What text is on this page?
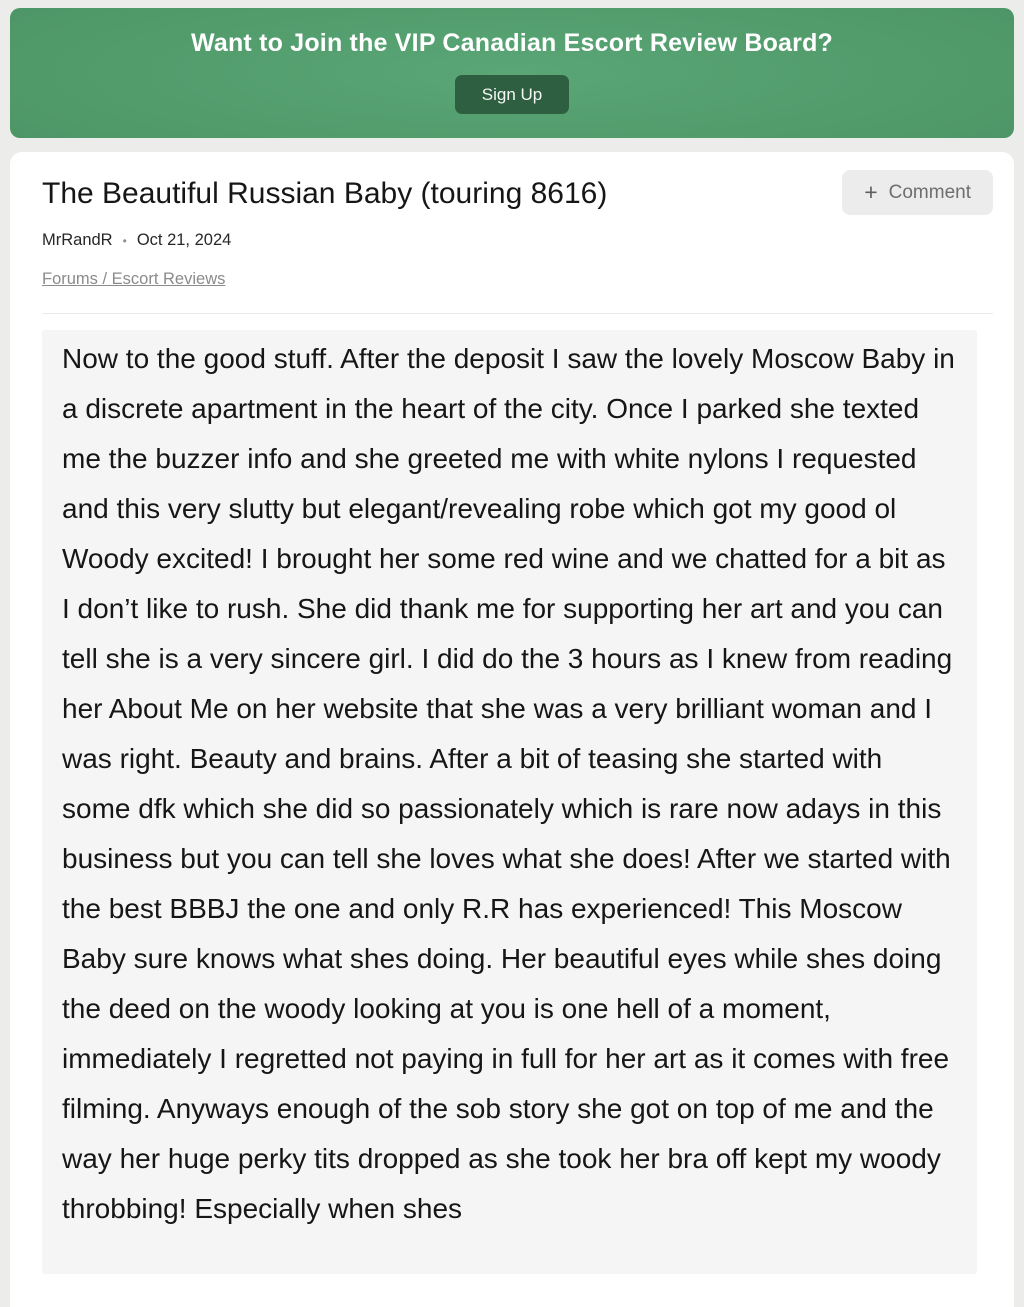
Want to Join the VIP Canadian Escort Review Board?
Sign Up
The Beautiful Russian Baby (touring 8616)	+ Comment
MrRandR • Oct 21, 2024
Forums / Escort Reviews
Now to the good stuff. After the deposit I saw the lovely Moscow Baby in a discrete apartment in the heart of the city. Once I parked she texted me the buzzer info and she greeted me with white nylons I requested and this very slutty but elegant/revealing robe which got my good ol Woody excited! I brought her some red wine and we chatted for a bit as I don’t like to rush. She did thank me for supporting her art and you can tell she is a very sincere girl. I did do the 3 hours as I knew from reading her About Me on her website that she was a very brilliant woman and I was right. Beauty and brains. After a bit of teasing she started with some dfk which she did so passionately which is rare now adays in this business but you can tell she loves what she does! After we started with the best BBBJ the one and only R.R has experienced! This Moscow Baby sure knows what shes doing. Her beautiful eyes while shes doing the deed on the woody looking at you is one hell of a moment, immediately I regretted not paying in full for her art as it comes with free filming. Anyways enough of the sob story she got on top of me and the way her huge perky tits dropped as she took her bra off kept my woody throbbing! Especially when shes
